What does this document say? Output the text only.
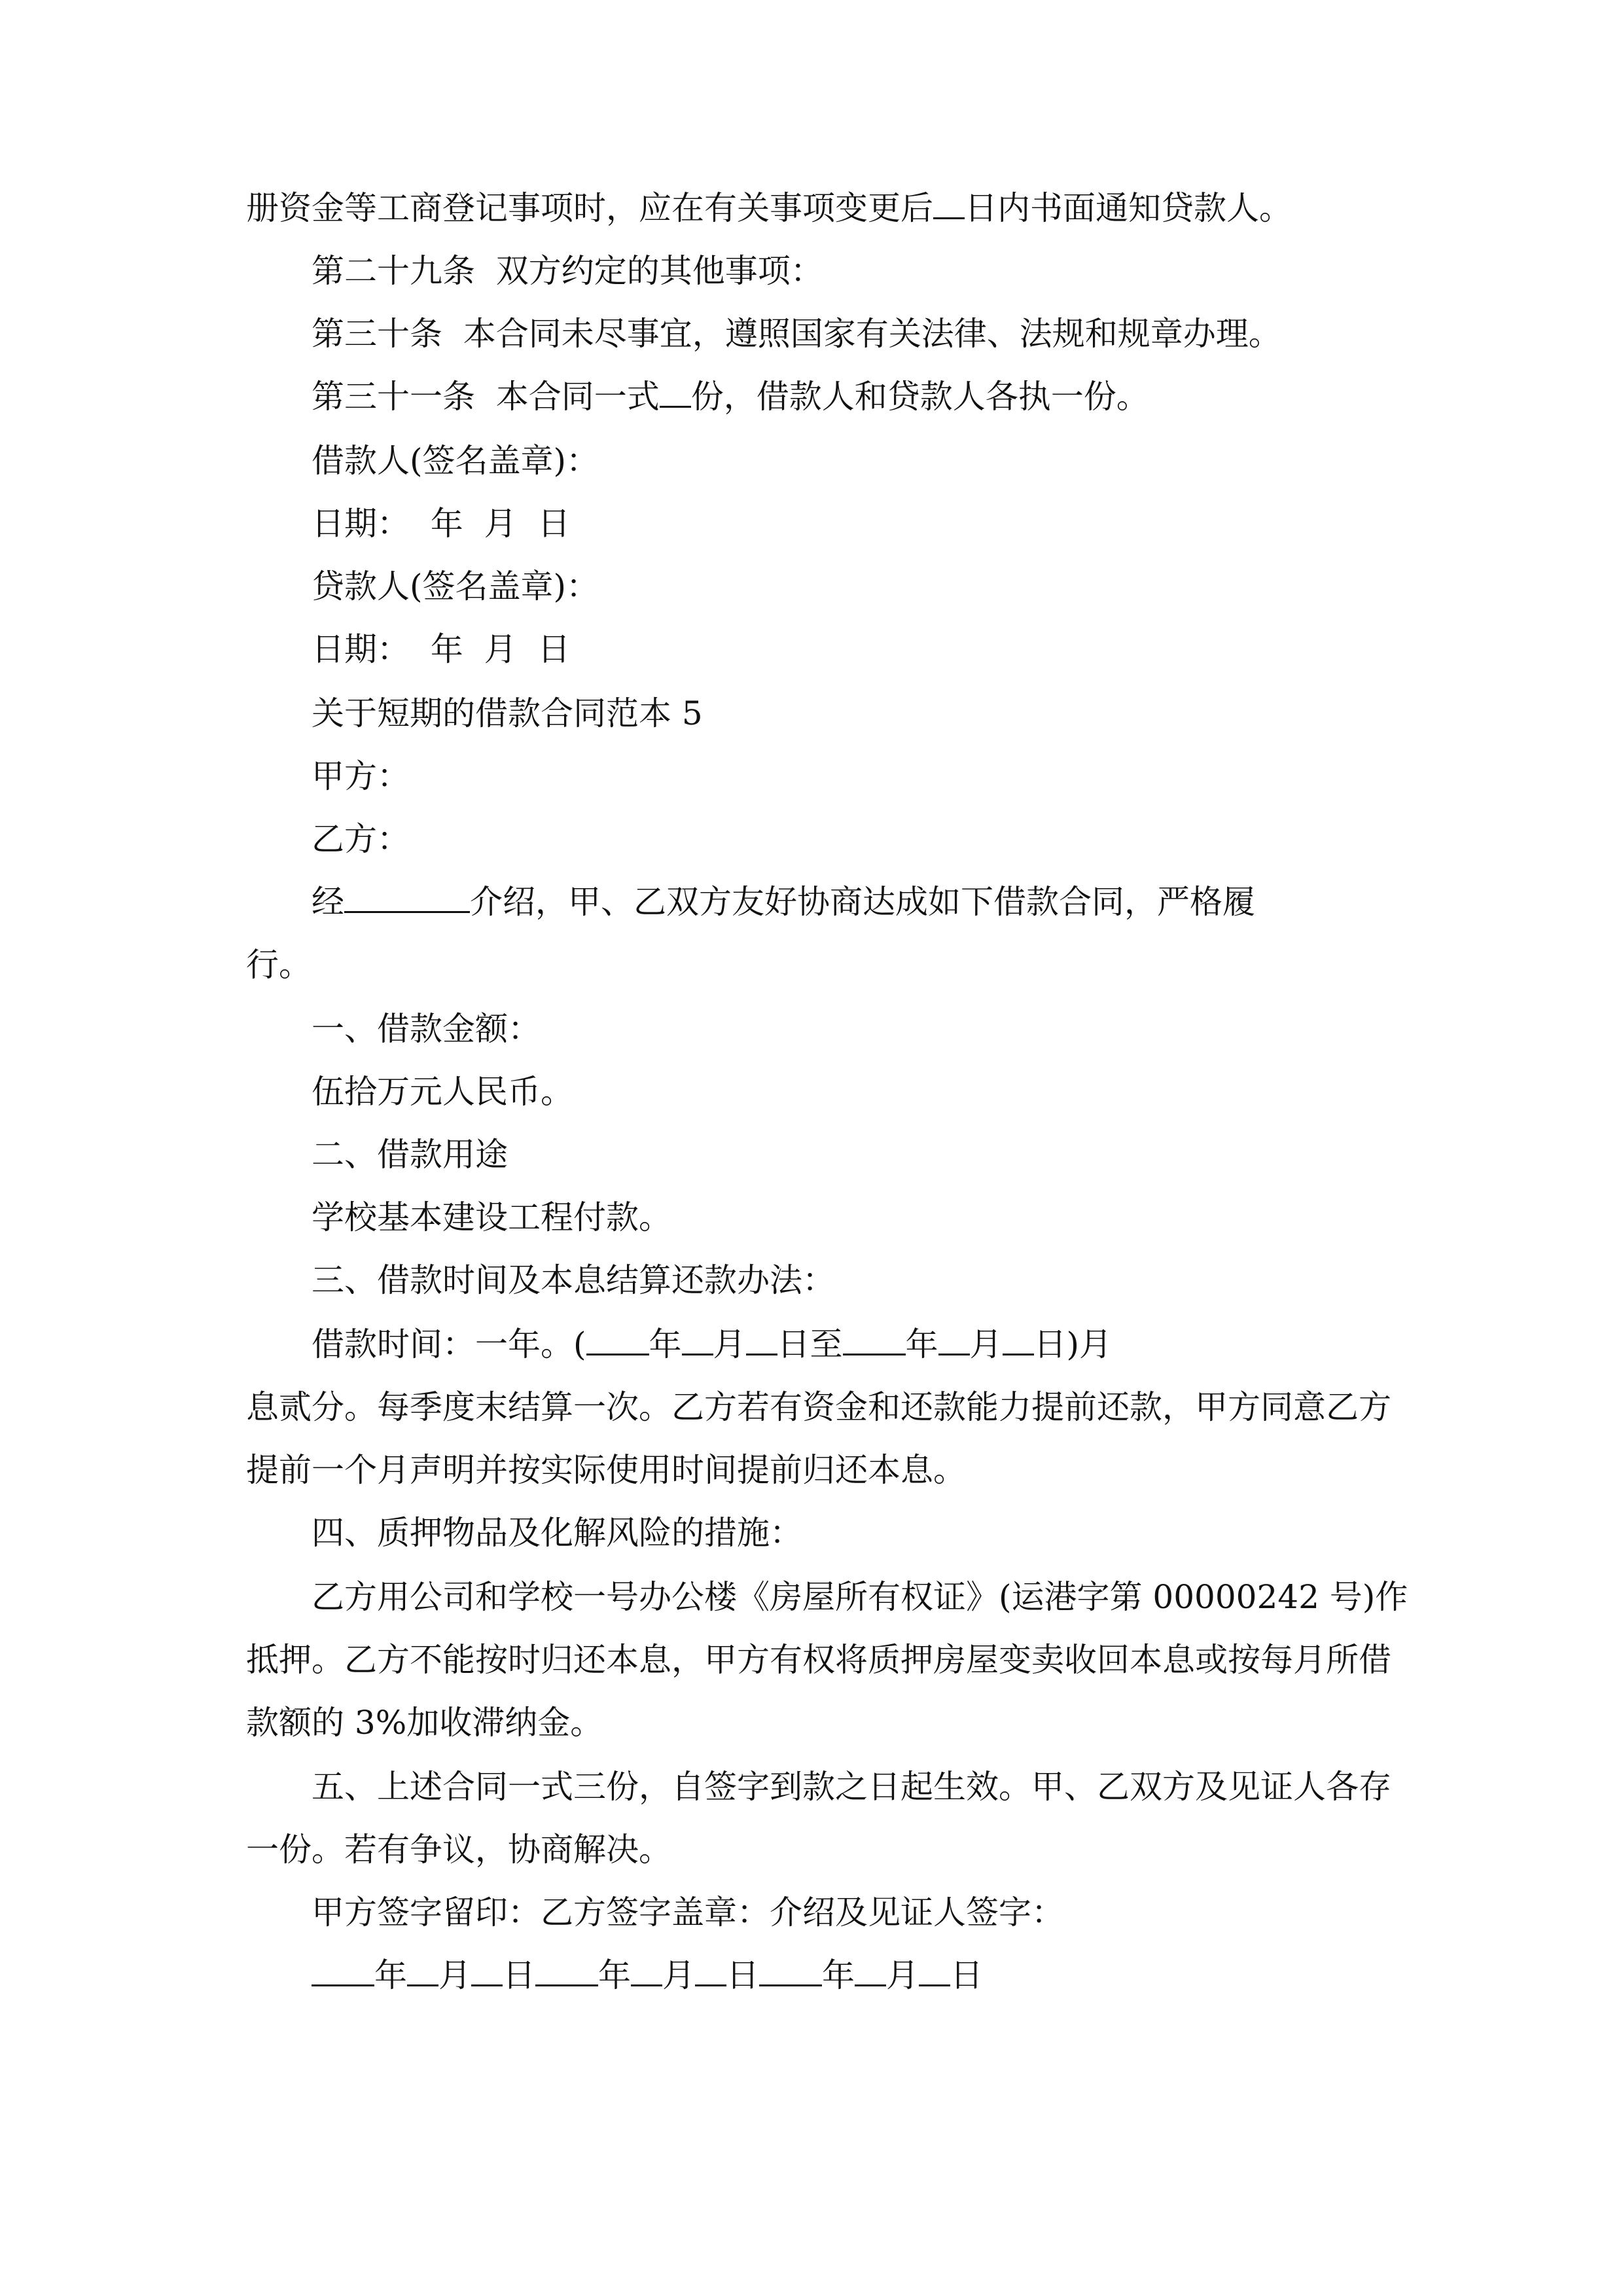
册资金等工商登记事项时，应在有关事项变更后 日内书面通知贷款人。
第二十九条  双方约定的其他事项：
第三十条  本合同未尽事宜，遵照国家有关法律、法规和规章办理。
第三十一条  本合同一式 份，借款人和贷款人各执一份。
借款人(签名盖章)：
日期：  年  月  日
贷款人(签名盖章)：
日期：  年  月  日
关于短期的借款合同范本 5
甲方：
乙方：
经	介绍，甲、乙双方友好协商达成如下借款合同，严格履
行。
一、借款金额：
伍拾万元人民币。
二、借款用途
学校基本建设工程付款。
三、借款时间及本息结算还款办法：
借款时间：一年。( 年 月 日至 年 月 日)月
息贰分。每季度末结算一次。乙方若有资金和还款能力提前还款，甲方同意乙方
提前一个月声明并按实际使用时间提前归还本息。
四、质押物品及化解风险的措施：
乙方用公司和学校一号办公楼《房屋所有权证》(运港字第 00000242 号)作
抵押。乙方不能按时归还本息，甲方有权将质押房屋变卖收回本息或按每月所借
款额的 3%加收滞纳金。
五、上述合同一式三份，自签字到款之日起生效。甲、乙双方及见证人各存
一份。若有争议，协商解决。
甲方签字留印：乙方签字盖章：介绍及见证人签字：
年 月 日 年 月 日 年 月 日
